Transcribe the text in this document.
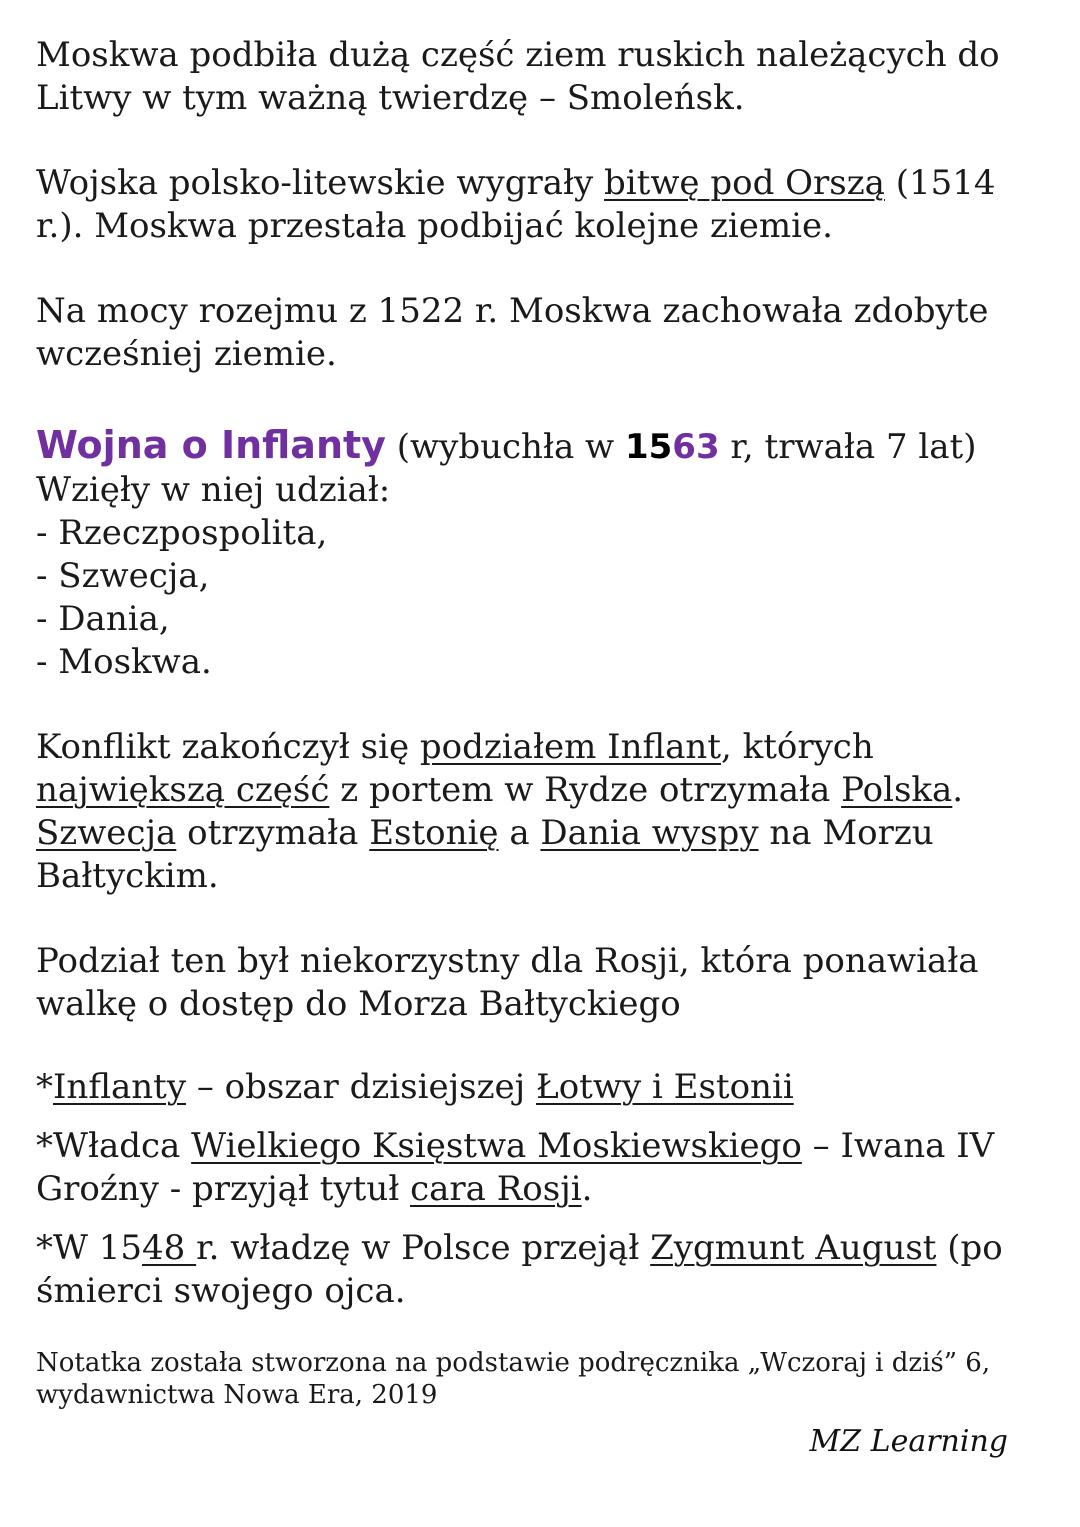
Moskwa podbiła dużą część ziem ruskich należących do Litwy w tym ważną twierdzę – Smoleńsk.

Wojska polsko-litewskie wygrały bitwę pod Orszą (1514 r.). Moskwa przestała podbijać kolejne ziemie.

Na mocy rozejmu z 1522 r. Moskwa zachowała zdobyte wcześniej ziemie.

Wojna o Inflanty (wybuchła w 1563 r, trwała 7 lat)

Wzięły w niej udział:

- Rzeczpospolita,
- Szwecja,
- Dania,
- Moskwa.

Konflikt zakończył się podziałem Inflant, których największą część z portem w Rydze otrzymała Polska. Szwecja otrzymała Estonię a Dania wyspy na Morzu Bałtyckim.

Podział ten był niekorzystny dla Rosji, która ponawiała walkę o dostęp do Morza Bałtyckiego

*Inflanty – obszar dzisiejszej Łotwy i Estonii

*Władca Wielkiego Księstwa Moskiewskiego – Iwana IV Groźny - przyjął tytuł cara Rosji.

*W 1548 r. władzę w Polsce przejął Zygmunt August (po śmierci swojego ojca.

Notatka została stworzona na podstawie podręcznika „Wczoraj i dziś” 6, wydawnictwa Nowa Era, 2019

MZ Learning
